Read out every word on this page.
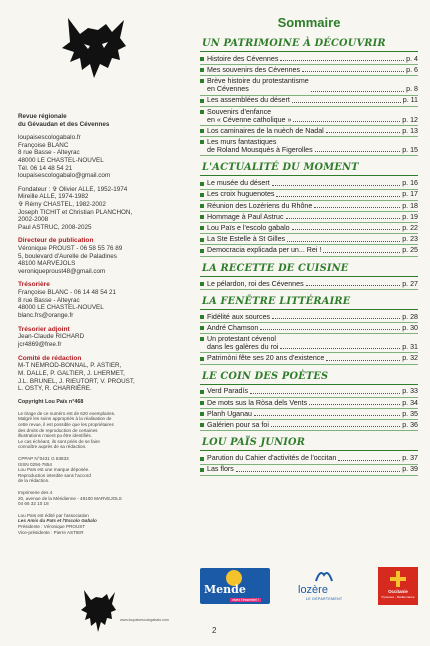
Revue régionale
du Gévaudan et des Cévennes
loupaisescologabalo.fr
Françoise BLANC
8 rue Basse - Alteyrac
48000 LE CHASTEL-NOUVEL
Tél. 06 14 48 54 21
loupaisescologabalo@gmail.com
Fondateur : ✞ Olivier ALLE, 1952-1974
Mireille ALLE, 1974-1982
✞ Rémy CHASTEL, 1982-2002
Joseph TICHIT et Christian PLANCHON,
2002-2008
Paul ASTRUC, 2008-2025
Directeur de publication
Véronique PROUST - 06 58 55 76 89
5, boulevard d'Aurelle de Paladines
48100 MARVEJOLS
veroniqueproust48@gmail.com
Trésorière
Françoise BLANC - 06 14 48 54 21
8 rue Basse - Alteyrac
48000 LE CHASTEL-NOUVEL
blanc.frs@orange.fr
Trésorier adjoint
Jean-Claude RICHARD
jcr4869@free.fr
Comité de rédaction
M-T NEMROD-BONNAL, P. ASTIER,
M. DALLE, P. GALTIER, J. LHERMET,
J.L. BRUNEL, J. RIEUTORT, V. PROUST,
L. OSTY, R. CHARRIÈRE.
Copyright Lou Païs n°468
Le tirage de ce numéro est de 620 exemplaires.
Malgré les soins appropriés à la réalisation de
cette revue, il est possible que les propriétaires
des droits de reproduction de certaines
illustrations n'aient pu être identifiés.
Le cas échéant, ils sont priés de se faire
connaître auprès de sa rédaction.
CPPAP N°0431 G 83833
ISSN 0294-7854
Lou Païs est une marque déposée.
Reproduction interdite sans l'accord
de la rédaction.
Imprimerie des 4
20, avenue de la Méridienne - 48100 MARVEJOLS
04 66 32 10 18
Lou Païs est édité par l'association
Les Amis du Païs et l'Escolo Gabalo
Présidente : Véronique PROUST
Vice-présidente : Pierre ASTIER
www.loupaisescologabalo.com
Sommaire
UN PATRIMOINE À DÉCOUVRIR
Histoire des Cévennes	p. 4
Mes souvenirs des Cévennes	p. 6
Brève histoire du protestantisme
en Cévennes	p. 8
Les assemblées du désert	p. 11
Souvenirs d'enfance
en « Cévenne catholique »	p. 12
Los caminaires de la nuèch de Nadal	p. 13
Les murs fantastiques
de Roland Mousquès à Figerolles	p. 15
L'ACTUALITÉ DU MOMENT
Le musée du désert	p. 16
Les croix huguenotes	p. 17
Réunion des Lozériens du Rhône	p. 18
Hommage à Paul Astruc	p. 19
Lou Païs e l'escolo gabalo	p. 22
La Ste Estelle à St Gilles	p. 23
Democracia explicada per un... Rei !	p. 25
LA RECETTE DE CUISINE
Le pélardon, roi des Cévennes	p. 27
LA FENÊTRE LITTÉRAIRE
Fidélité aux sources	p. 28
André Chamson	p. 30
Un protestant cévenol
dans les galères du roi	p. 31
Patrimòni fête ses 20 ans d'existence	p. 32
LE COIN DES POÈTES
Verd Paradís	p. 33
De mots sus la Ròsa dels Vents	p. 34
Planh Uganau	p. 35
Galérien pour sa foi	p. 36
LOU PAÏS JUNIOR
Parution du Cahier d'activités de l'occitan	p. 37
Las flors	p. 39
Mende
vivez l'essentiel !
lozère
LE DÉPARTEMENT
Occitanie
Pyrénées - Méditerranée
2
